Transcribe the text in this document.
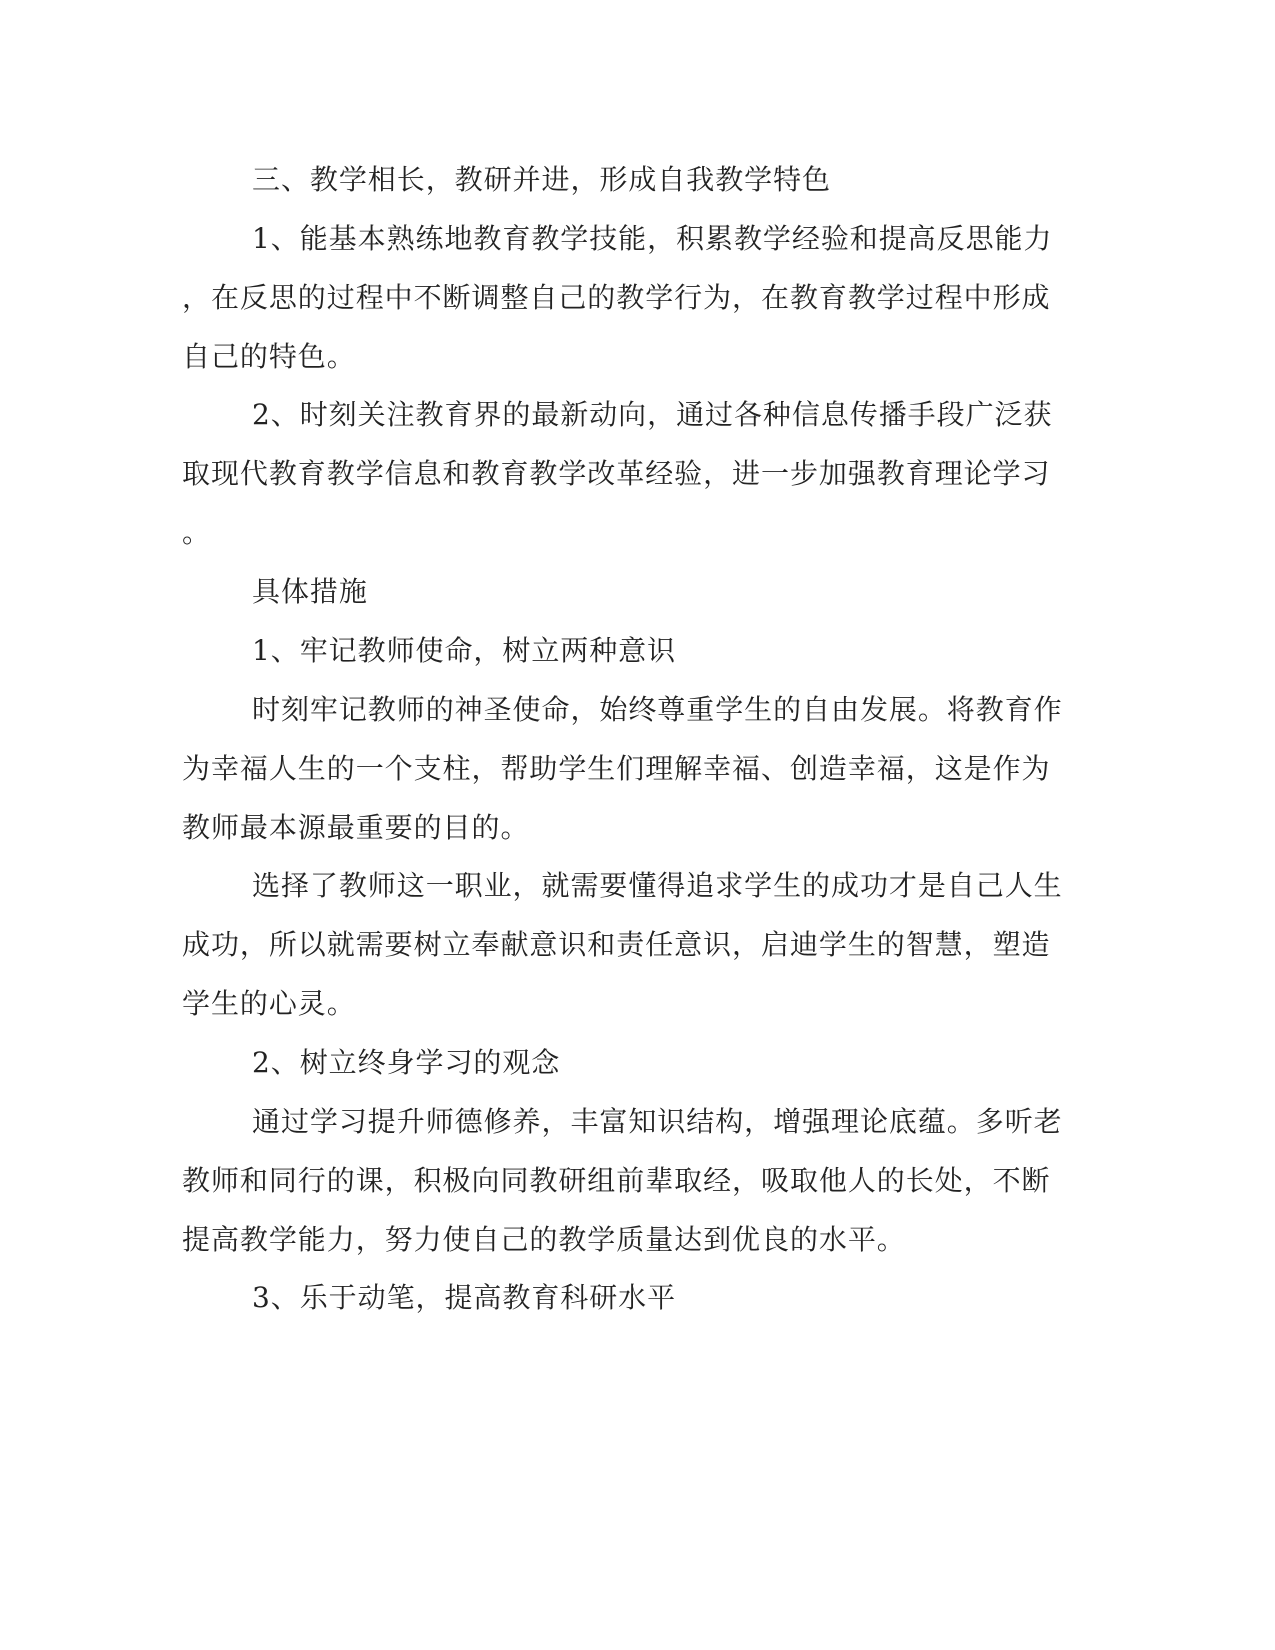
三、教学相长，教研并进，形成自我教学特色
1、能基本熟练地教育教学技能，积累教学经验和提高反思能力
，在反思的过程中不断调整自己的教学行为，在教育教学过程中形成
自己的特色。
2、时刻关注教育界的最新动向，通过各种信息传播手段广泛获
取现代教育教学信息和教育教学改革经验，进一步加强教育理论学习
。
具体措施
1、牢记教师使命，树立两种意识
时刻牢记教师的神圣使命，始终尊重学生的自由发展。将教育作
为幸福人生的一个支柱，帮助学生们理解幸福、创造幸福，这是作为
教师最本源最重要的目的。
选择了教师这一职业，就需要懂得追求学生的成功才是自己人生
成功，所以就需要树立奉献意识和责任意识，启迪学生的智慧，塑造
学生的心灵。
2、树立终身学习的观念
通过学习提升师德修养，丰富知识结构，增强理论底蕴。多听老
教师和同行的课，积极向同教研组前辈取经，吸取他人的长处，不断
提高教学能力，努力使自己的教学质量达到优良的水平。
3、乐于动笔，提高教育科研水平
